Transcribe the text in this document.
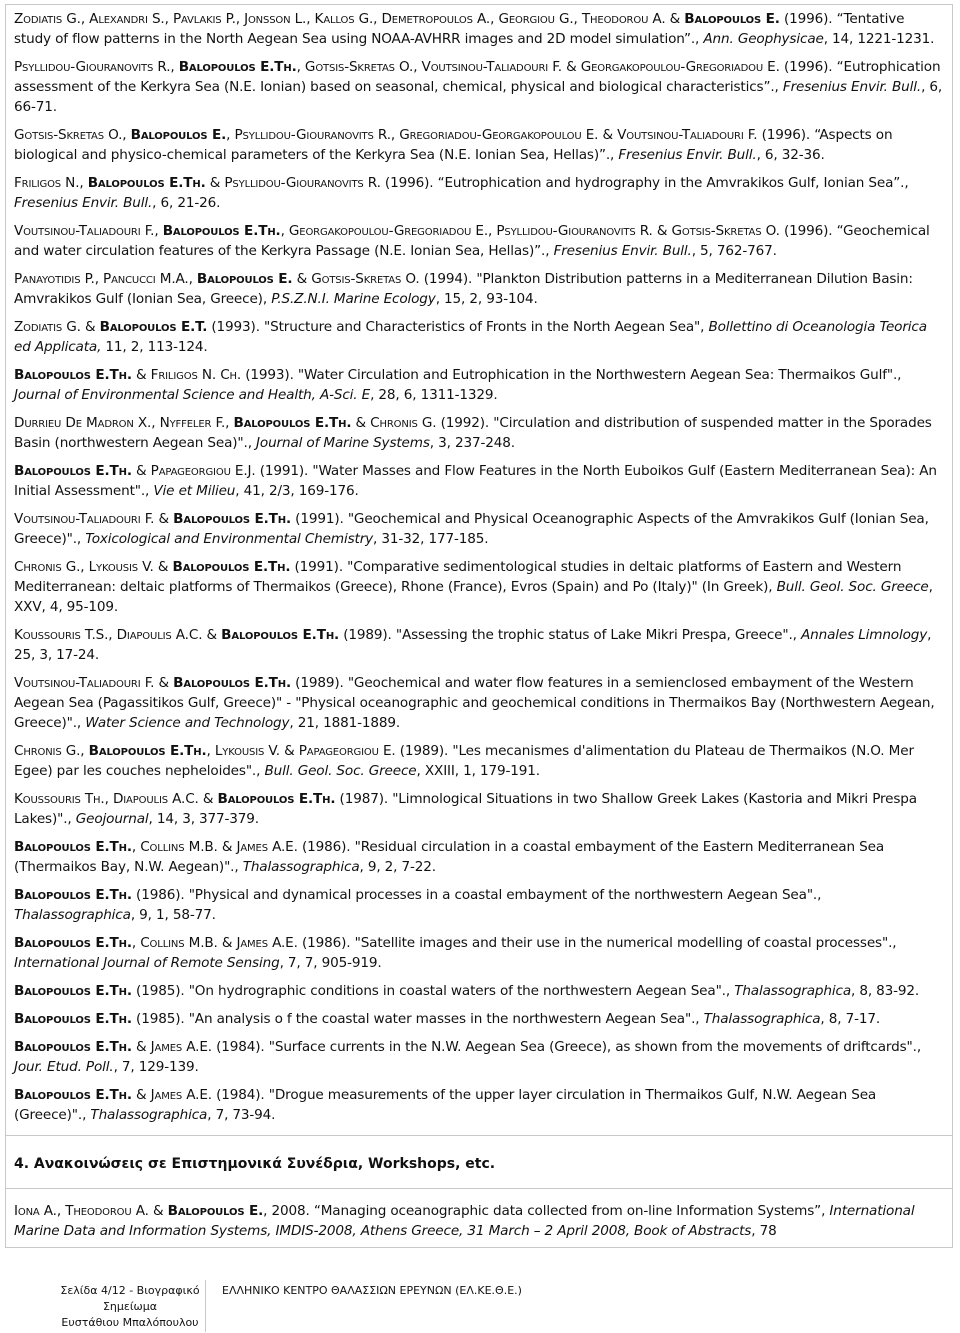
Zodiatis G., Alexandri S., Pavlakis P., Jonsson L., Kallos G., Demetropoulos A., Georgiou G., Theodorou A. & Balopoulos E. (1996). “Tentative study of flow patterns in the North Aegean Sea using NOAA-AVHRR images and 2D model simulation”., Ann. Geophysicae, 14, 1221-1231.

Psyllidou-Giouranovits R., Balopoulos E.Th., Gotsis-Skretas O., Voutsinou-Taliadouri F. & Georgakopoulou-Gregoriadou E. (1996). “Eutrophication assessment of the Kerkyra Sea (N.E. Ionian) based on seasonal, chemical, physical and biological characteristics”., Fresenius Envir. Bull., 6, 66-71.

Gotsis-Skretas O., Balopoulos E., Psyllidou-Giouranovits R., Gregoriadou-Georgakopoulou E. & Voutsinou-Taliadouri F. (1996). “Aspects on biological and physico-chemical parameters of the Kerkyra Sea (N.E. Ionian Sea, Hellas)”., Fresenius Envir. Bull., 6, 32-36.

Friligos N., Balopoulos E.Th. & Psyllidou-Giouranovits R. (1996). “Eutrophication and hydrography in the Amvrakikos Gulf, Ionian Sea”., Fresenius Envir. Bull., 6, 21-26.

Voutsinou-Taliadouri F., Balopoulos E.Th., Georgakopoulou-Gregoriadou E., Psyllidou-Giouranovits R. & Gotsis-Skretas O. (1996). “Geochemical and water circulation features of the Kerkyra Passage (N.E. Ionian Sea, Hellas)”., Fresenius Envir. Bull., 5, 762-767.

Panayotidis P., Pancucci M.A., Balopoulos E. & Gotsis-Skretas O. (1994). "Plankton Distribution patterns in a Mediterranean Dilution Basin: Amvrakikos Gulf (Ionian Sea, Greece), P.S.Z.N.I. Marine Ecology, 15, 2, 93-104.

Zodiatis G. & Balopoulos E.T. (1993). "Structure and Characteristics of Fronts in the North Aegean Sea", Bollettino di Oceanologia Teorica ed Applicata, 11, 2, 113-124.

Balopoulos E.Th. & Friligos N. Ch. (1993). "Water Circulation and Eutrophication in the Northwestern Aegean Sea: Thermaikos Gulf"., Journal of Environmental Science and Health, A-Sci. E, 28, 6, 1311-1329.

Durrieu De Madron X., Nyffeler F., Balopoulos E.Th. & Chronis G. (1992). "Circulation and distribution of suspended matter in the Sporades Basin (northwestern Aegean Sea)"., Journal of Marine Systems, 3, 237-248.

Balopoulos E.Th. & Papageorgiou E.J. (1991). "Water Masses and Flow Features in the North Euboikos Gulf (Eastern Mediterranean Sea): An Initial Assessment"., Vie et Milieu, 41, 2/3, 169-176.

Voutsinou-Taliadouri F. & Balopoulos E.Th. (1991). "Geochemical and Physical Oceanographic Aspects of the Amvrakikos Gulf (Ionian Sea, Greece)"., Toxicological and Environmental Chemistry, 31-32, 177-185.

Chronis G., Lykousis V. & Balopoulos E.Th. (1991). "Comparative sedimentological studies in deltaic platforms of Eastern and Western Mediterranean: deltaic platforms of Thermaikos (Greece), Rhone (France), Evros (Spain) and Po (Italy)" (In Greek), Bull. Geol. Soc. Greece, XXV, 4, 95-109.

Koussouris T.S., Diapoulis A.C. & Balopoulos E.Th. (1989). "Assessing the trophic status of Lake Mikri Prespa, Greece"., Annales Limnology, 25, 3, 17-24.

Voutsinou-Taliadouri F. & Balopoulos E.Th. (1989). "Geochemical and water flow features in a semienclosed embayment of the Western Aegean Sea (Pagassitikos Gulf, Greece)" - "Physical oceanographic and geochemical conditions in Thermaikos Bay (Northwestern Aegean, Greece)"., Water Science and Technology, 21, 1881-1889.

Chronis G., Balopoulos E.Th., Lykousis V. & Papageorgiou E. (1989). "Les mecanismes d'alimentation du Plateau de Thermaikos (N.O. Mer Egee) par les couches nepheloides"., Bull. Geol. Soc. Greece, XXIII, 1, 179-191.

Koussouris Th., Diapoulis A.C. & Balopoulos E.Th. (1987). "Limnological Situations in two Shallow Greek Lakes (Kastoria and Mikri Prespa Lakes)"., Geojournal, 14, 3, 377-379.

Balopoulos E.Th., Collins M.B. & James A.E. (1986). "Residual circulation in a coastal embayment of the Eastern Mediterranean Sea (Thermaikos Bay, N.W. Aegean)"., Thalassographica, 9, 2, 7-22.

Balopoulos E.Th. (1986). "Physical and dynamical processes in a coastal embayment of the northwestern Aegean Sea"., Thalassographica, 9, 1, 58-77.

Balopoulos E.Th., Collins M.B. & James A.E. (1986). "Satellite images and their use in the numerical modelling of coastal processes"., International Journal of Remote Sensing, 7, 7, 905-919.

Balopoulos E.Th. (1985). "On hydrographic conditions in coastal waters of the northwestern Aegean Sea"., Thalassographica, 8, 83-92.

Balopoulos E.Th. (1985). "An analysis o f the coastal water masses in the northwestern Aegean Sea"., Thalassographica, 8, 7-17.

Balopoulos E.Th. & James A.E. (1984). "Surface currents in the N.W. Aegean Sea (Greece), as shown from the movements of driftcards"., Jour. Etud. Poll., 7, 129-139.

Balopoulos E.Th. & James A.E. (1984). "Drogue measurements of the upper layer circulation in Thermaikos Gulf, N.W. Aegean Sea (Greece)"., Thalassographica, 7, 73-94.

4. Ανακοινώσεις σε Επιστημονικά Συνέδρια, Workshops, etc.

Iona A., Theodorou A. & Balopoulos E., 2008. “Managing oceanographic data collected from on-line Information Systems”, International Marine Data and Information Systems, IMDIS-2008, Athens Greece, 31 March – 2 April 2008, Book of Abstracts, 78

Σελίδα 4/12 - Βιογραφικό
Σημείωμα
Ευστάθιου Μπαλόπουλου
ΕΛΛΗΝΙΚΟ ΚΕΝΤΡΟ ΘΑΛΑΣΣΙΩΝ ΕΡΕΥΝΩΝ (ΕΛ.ΚΕ.Θ.Ε.)
